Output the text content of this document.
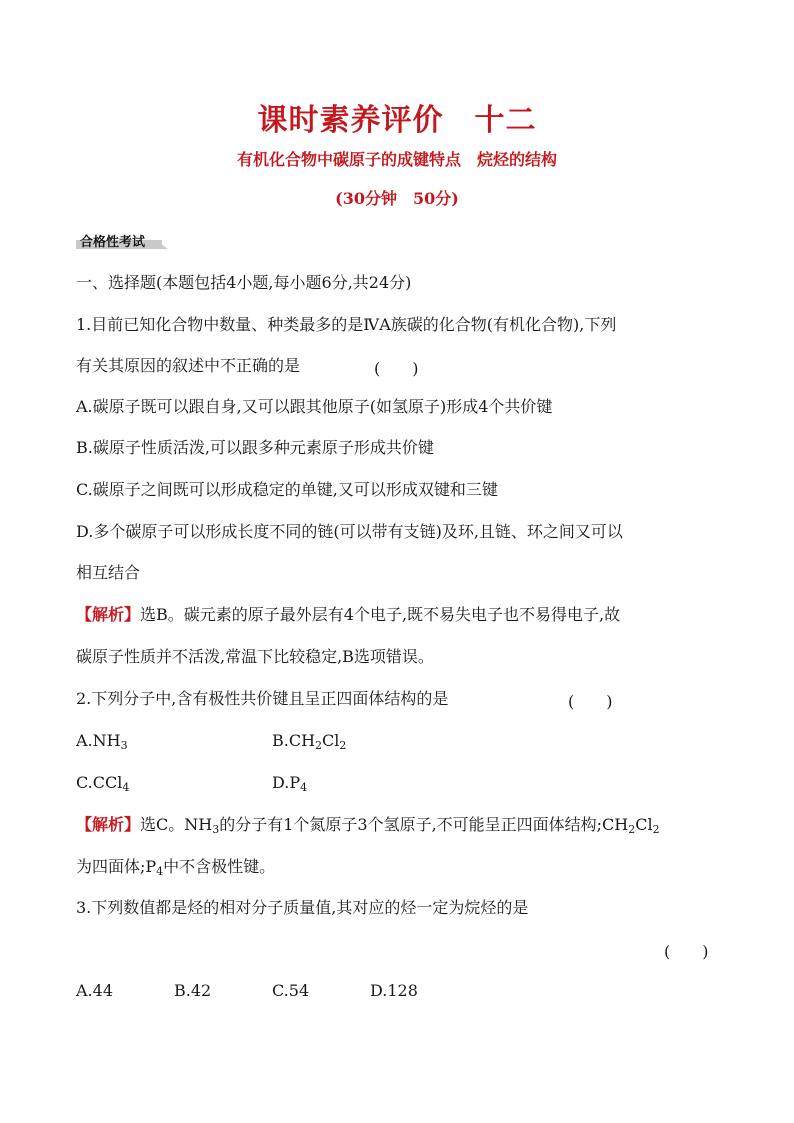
课时素养评价　十二
有机化合物中碳原子的成键特点　烷烃的结构
(30分钟　50分)
合格性考试
一、选择题(本题包括4小题,每小题6分,共24分)
1.目前已知化合物中数量、种类最多的是ⅣA族碳的化合物(有机化合物),下列
有关其原因的叙述中不正确的是	(　　)
A.碳原子既可以跟自身,又可以跟其他原子(如氢原子)形成4个共价键
B.碳原子性质活泼,可以跟多种元素原子形成共价键
C.碳原子之间既可以形成稳定的单键,又可以形成双键和三键
D.多个碳原子可以形成长度不同的链(可以带有支链)及环,且链、环之间又可以
相互结合
【解析】选B。碳元素的原子最外层有4个电子,既不易失电子也不易得电子,故
碳原子性质并不活泼,常温下比较稳定,B选项错误。
2.下列分子中,含有极性共价键且呈正四面体结构的是	(　　)
$A.NH_3$	$B.CH_2Cl_2$
C.CCl$_4$	$D.P_4$
【解析】选C。$NH_3$的分子有1个氮原子3个氢原子,不可能呈正四面体结构$;CH_2Cl_2$
为四面体$;P_4$中不含极性键。
3.下列数值都是烃的相对分子质量值,其对应的烃一定为烷烃的是
(　　)
A.44	B.42	C.54	D.128
